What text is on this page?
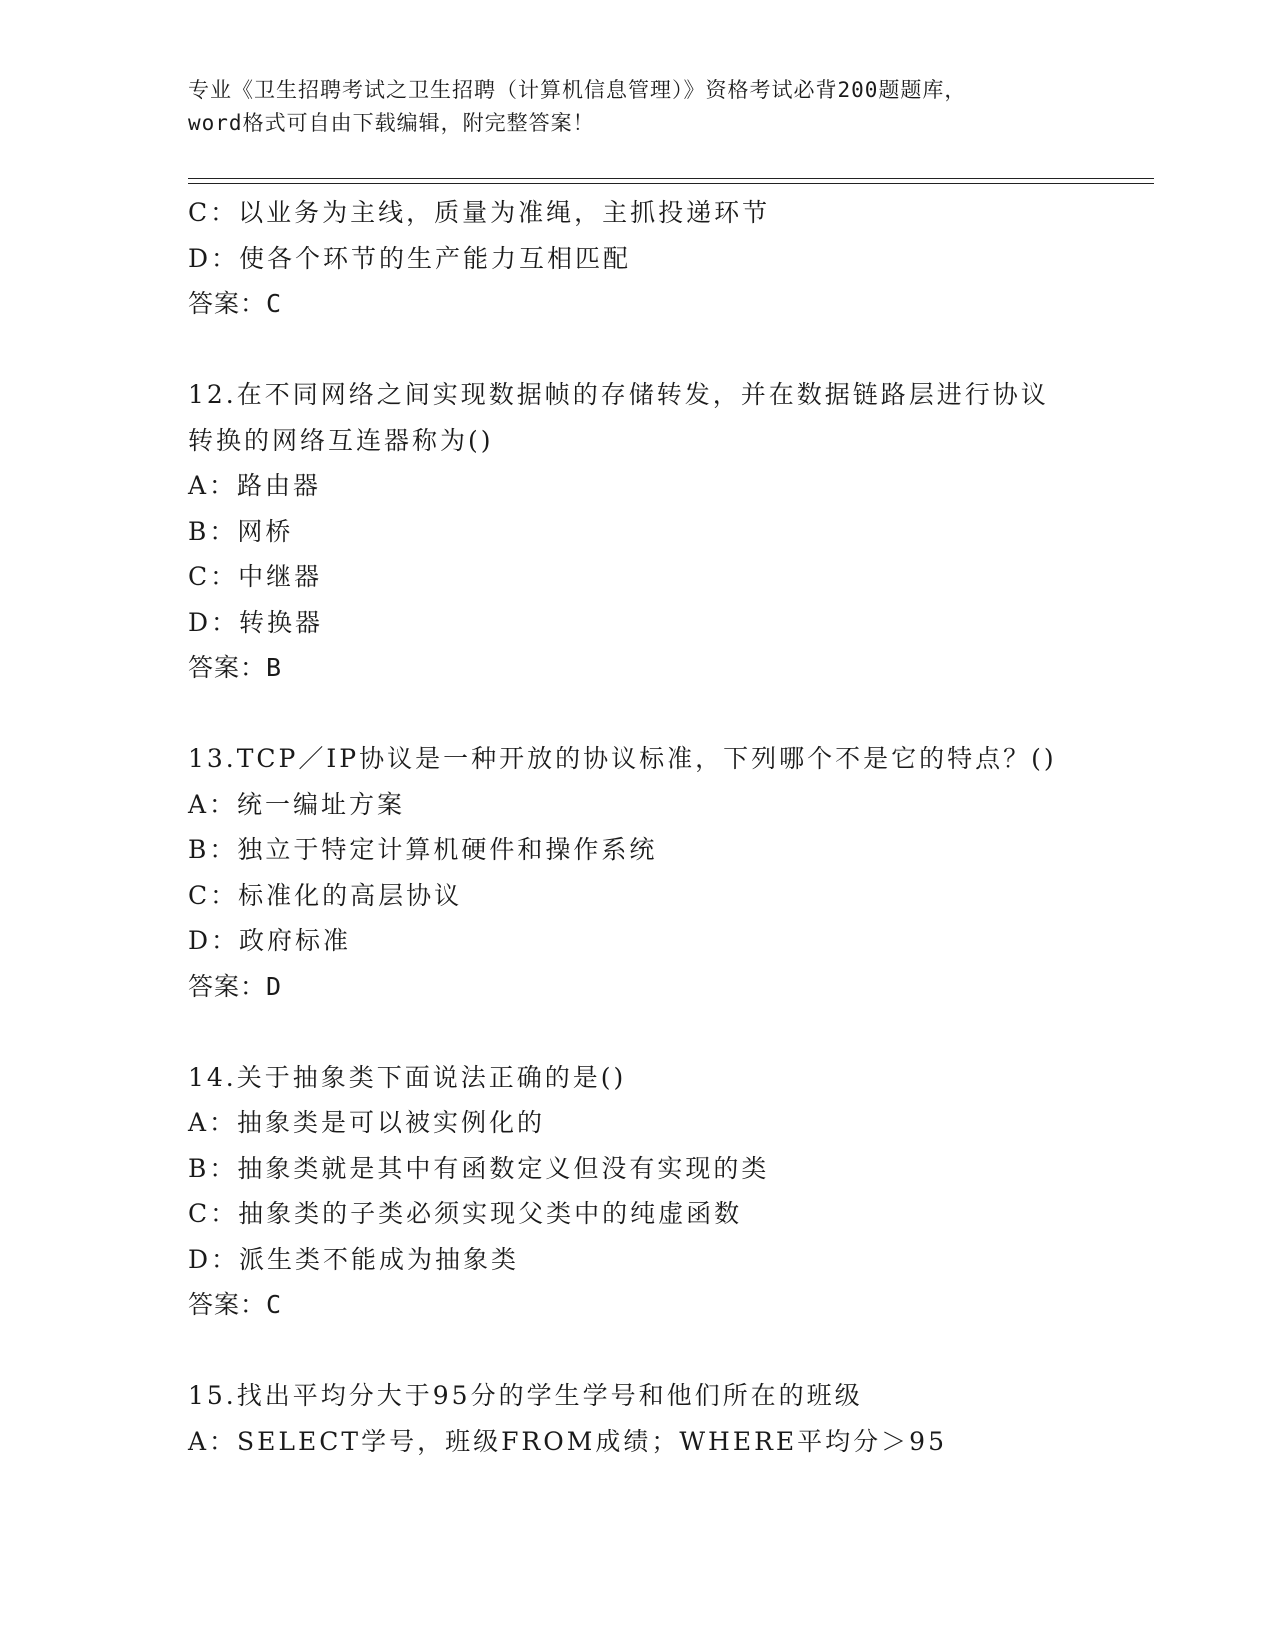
专业《卫生招聘考试之卫生招聘（计算机信息管理）》资格考试必背200题题库，
word格式可自由下载编辑，附完整答案！
C：以业务为主线，质量为准绳，主抓投递环节
D：使各个环节的生产能力互相匹配
答案：C
12.在不同网络之间实现数据帧的存储转发，并在数据链路层进行协议
转换的网络互连器称为()
A：路由器
B：网桥
C：中继器
D：转换器
答案：B
13.TCP／IP协议是一种开放的协议标准，下列哪个不是它的特点？()
A：统一编址方案
B：独立于特定计算机硬件和操作系统
C：标准化的高层协议
D：政府标准
答案：D
14.关于抽象类下面说法正确的是()
A：抽象类是可以被实例化的
B：抽象类就是其中有函数定义但没有实现的类
C：抽象类的子类必须实现父类中的纯虚函数
D：派生类不能成为抽象类
答案：C
15.找出平均分大于95分的学生学号和他们所在的班级
A：SELECT学号，班级FROM成绩；WHERE平均分＞95
